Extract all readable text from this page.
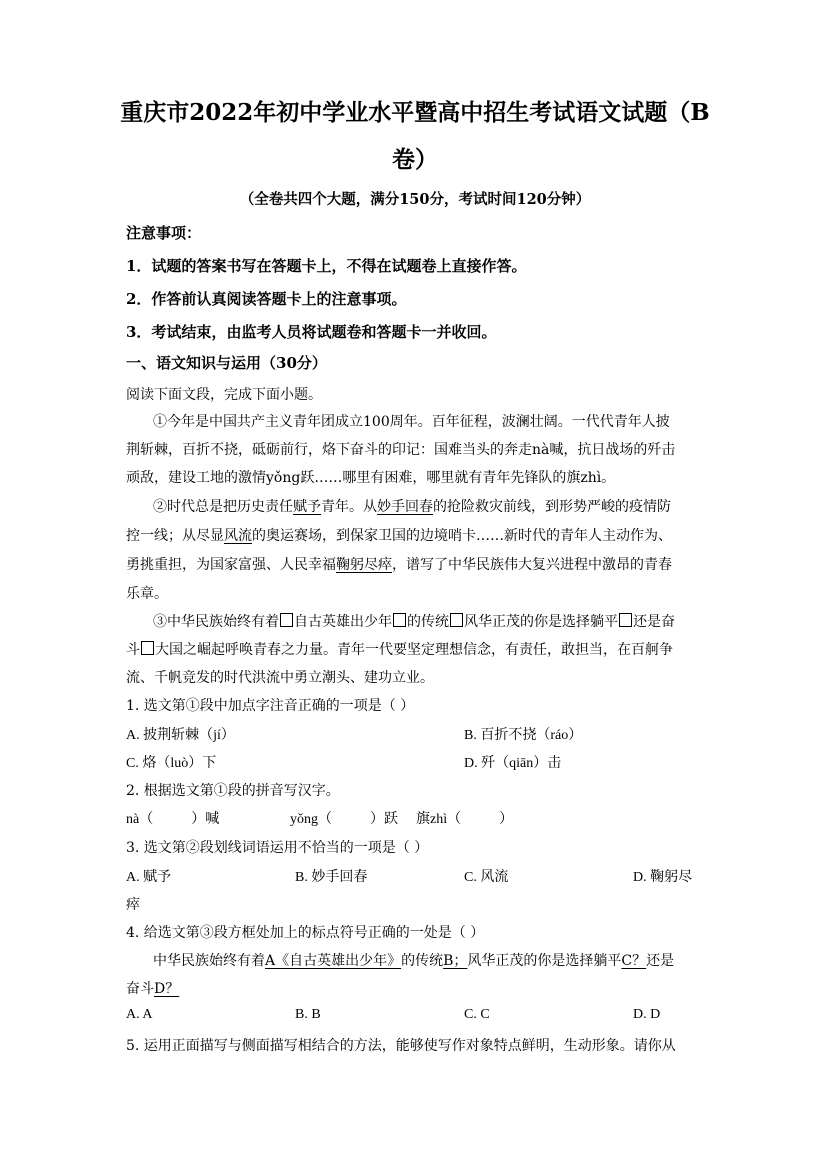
重庆市2022年初中学业水平暨高中招生考试语文试题（B
卷）
（全卷共四个大题，满分150分，考试时间120分钟）
注意事项：
1．试题的答案书写在答题卡上，不得在试题卷上直接作答。
2．作答前认真阅读答题卡上的注意事项。
3．考试结束，由监考人员将试题卷和答题卡一并收回。
一、语文知识与运用（30分）
阅读下面文段，完成下面小题。
①今年是中国共产主义青年团成立100周年。百年征程，波澜壮阔。一代代青年人披
荆斩棘，百折不挠，砥砺前行，烙下奋斗的印记：国难当头的奔走nà喊，抗日战场的歼击
顽敌，建设工地的激情yǒng跃……哪里有困难，哪里就有青年先锋队的旗zhì。
②时代总是把历史责任赋予青年。从妙手回春的抢险救灾前线，到形势严峻的疫情防
控一线；从尽显风流的奥运赛场，到保家卫国的边境哨卡……新时代的青年人主动作为、
勇挑重担，为国家富强、人民幸福鞠躬尽瘁，谱写了中华民族伟大复兴进程中激昂的青春
乐章。
③中华民族始终有着 自古英雄出少年 的传统 风华正茂的你是选择躺平 还是奋
斗 大国之崛起呼唤青春之力量。青年一代要坚定理想信念，有责任，敢担当，在百舸争
流、千帆竞发的时代洪流中勇立潮头、建功立业。
1. 选文第①段中加点字注音正确的一项是（ ）
A. 披荆斩棘（jí）	B. 百折不挠（ráo）
C. 烙（luò）下	D. 歼（qiān）击
2. 根据选文第①段的拼音写汉字。
nà（	）喊	yǒng（	）跃 旗zhì（	）
3. 选文第②段划线词语运用不恰当的一项是（ ）
A. 赋予	B. 妙手回春	C. 风流	D. 鞠躬尽
瘁
4. 给选文第③段方框处加上的标点符号正确的一处是（ ）
中华民族始终有着A《自古英雄出少年》的传统B；风华正茂的你是选择躺平C？还是
奋斗D？
A. A	B. B	C. C	D. D
5. 运用正面描写与侧面描写相结合的方法，能够使写作对象特点鲜明，生动形象。请你从
